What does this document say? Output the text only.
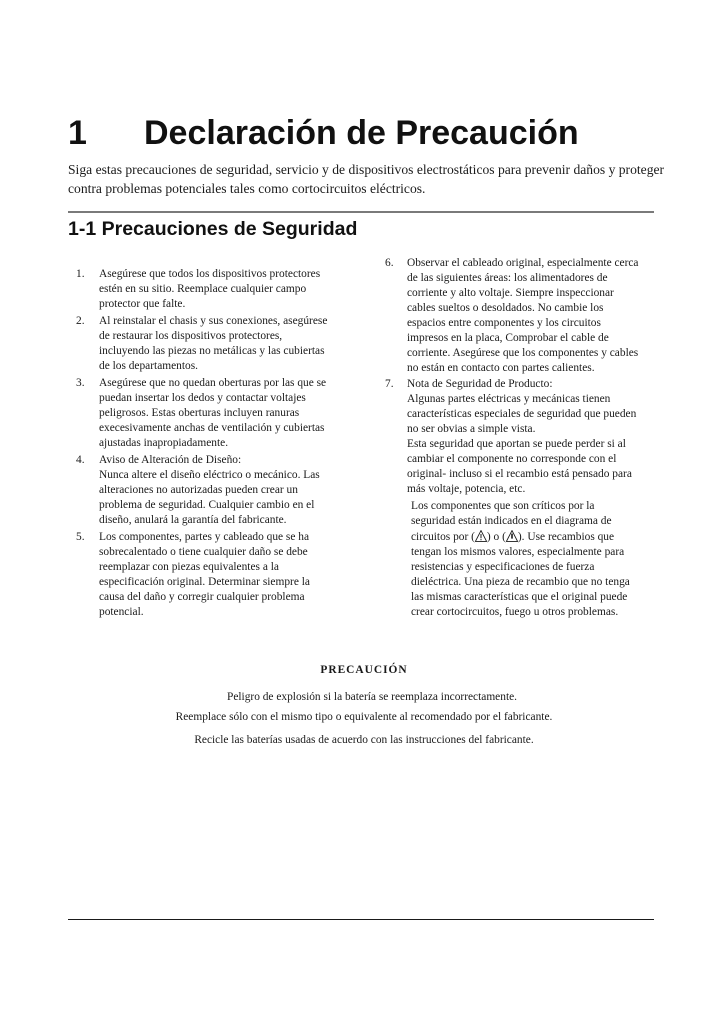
1 Declaración de Precaución

Siga estas precauciones de seguridad, servicio y de dispositivos electrostáticos para prevenir daños y proteger

contra problemas potenciales tales como cortocircuitos eléctricos.

1-1 Precauciones de Seguridad
1. Asegúrese que todos los dispositivos protectores
estén en su sitio. Reemplace cualquier campo
protector que falte.
2. Al reinstalar el chasis y sus conexiones, asegúrese
de restaurar los dispositivos protectores,
incluyendo las piezas no metálicas y las cubiertas
de los departamentos.
3. Asegúrese que no quedan oberturas por las que se
puedan insertar los dedos y contactar voltajes
peligrosos. Estas oberturas incluyen ranuras
execesivamente anchas de ventilación y cubiertas
ajustadas inapropiadamente.
4. Aviso de Alteración de Diseño:
Nunca altere el diseño eléctrico o mecánico. Las
alteraciones no autorizadas pueden crear un
problema de seguridad. Cualquier cambio en el
diseño, anulará la garantía del fabricante.
5. Los componentes, partes y cableado que se ha
sobrecalentado o tiene cualquier daño se debe
reemplazar con piezas equivalentes a la
especificación original. Determinar siempre la
causa del daño y corregir cualquier problema
potencial.
6. Observar el cableado original, especialmente cerca
de las siguientes áreas: los alimentadores de
corriente y alto voltaje. Siempre inspeccionar
cables sueltos o desoldados. No cambie los
espacios entre componentes y los circuitos
impresos en la placa, Comprobar el cable de
corriente. Asegúrese que los componentes y cables
no están en contacto con partes calientes.
7. Nota de Seguridad de Producto:
Algunas partes eléctricas y mecánicas tienen
características especiales de seguridad que pueden
no ser obvias a simple vista.
Esta seguridad que aportan se puede perder si al
cambiar el componente no corresponde con el
original- incluso si el recambio está pensado para
más voltaje, potencia, etc.
Los componentes que son críticos por la
seguridad están indicados en el diagrama de
circuitos por ( ) o ( ). Use recambios que
tengan los mismos valores, especialmente para
resistencias y especificaciones de fuerza
dieléctrica. Una pieza de recambio que no tenga
las mismas características que el original puede
crear cortocircuitos, fuego u otros problemas.
PRECAUCIÓN
Peligro de explosión si la batería se reemplaza incorrectamente.
Reemplace sólo con el mismo tipo o equivalente al recomendado por el fabricante.
Recicle las baterías usadas de acuerdo con las instrucciones del fabricante.
